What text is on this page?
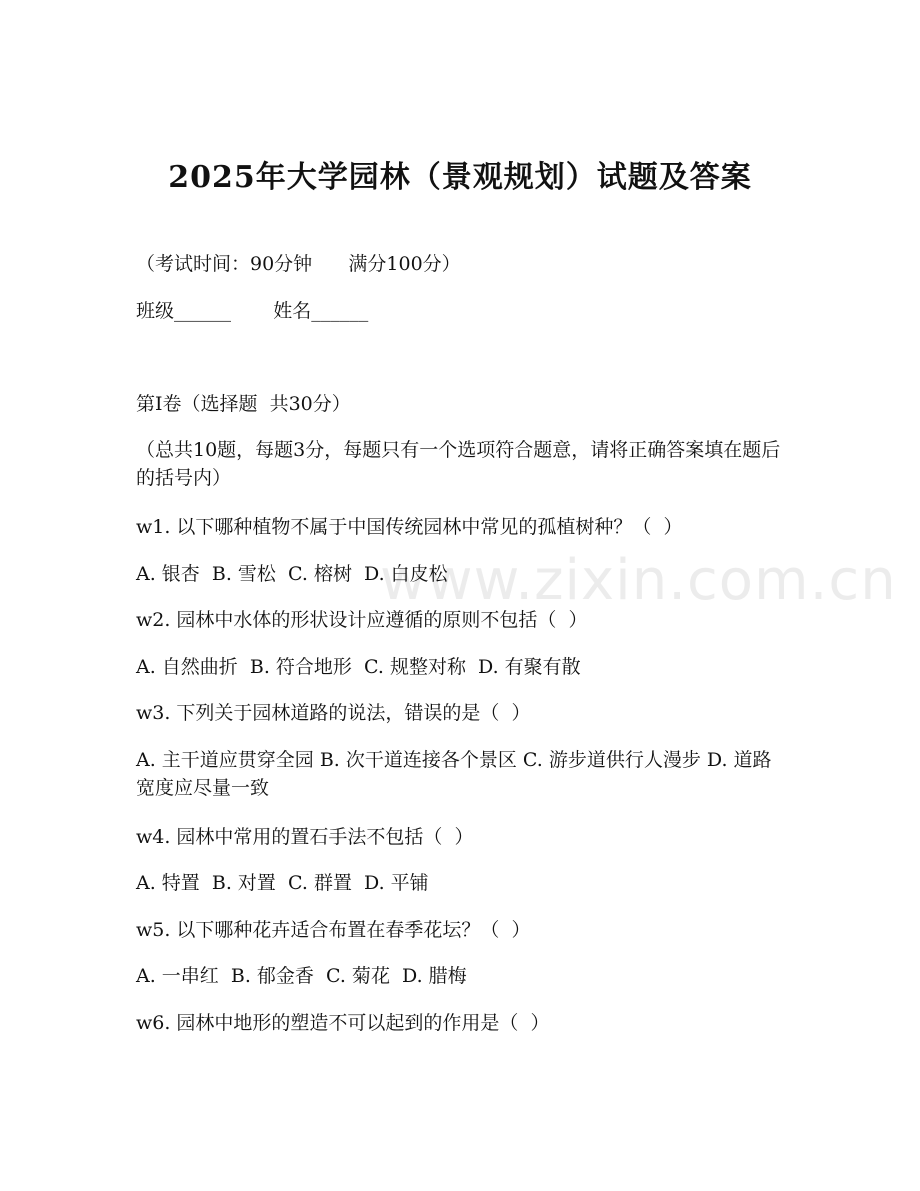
www.zixin.com.cn
2025年大学园林（景观规划）试题及答案
（考试时间：90分钟      满分100分）
班级______       姓名______
第Ⅰ卷（选择题  共30分）
（总共10题，每题3分，每题只有一个选项符合题意，请将正确答案填在题后的括号内）
w1. 以下哪种植物不属于中国传统园林中常见的孤植树种？（  ）
A. 银杏  B. 雪松  C. 榕树  D. 白皮松
w2. 园林中水体的形状设计应遵循的原则不包括（  ）
A. 自然曲折  B. 符合地形  C. 规整对称  D. 有聚有散
w3. 下列关于园林道路的说法，错误的是（  ）
A. 主干道应贯穿全园 B. 次干道连接各个景区 C. 游步道供行人漫步 D. 道路宽度应尽量一致
w4. 园林中常用的置石手法不包括（  ）
A. 特置  B. 对置  C. 群置  D. 平铺
w5. 以下哪种花卉适合布置在春季花坛？（  ）
A. 一串红  B. 郁金香  C. 菊花  D. 腊梅
w6. 园林中地形的塑造不可以起到的作用是（  ）
